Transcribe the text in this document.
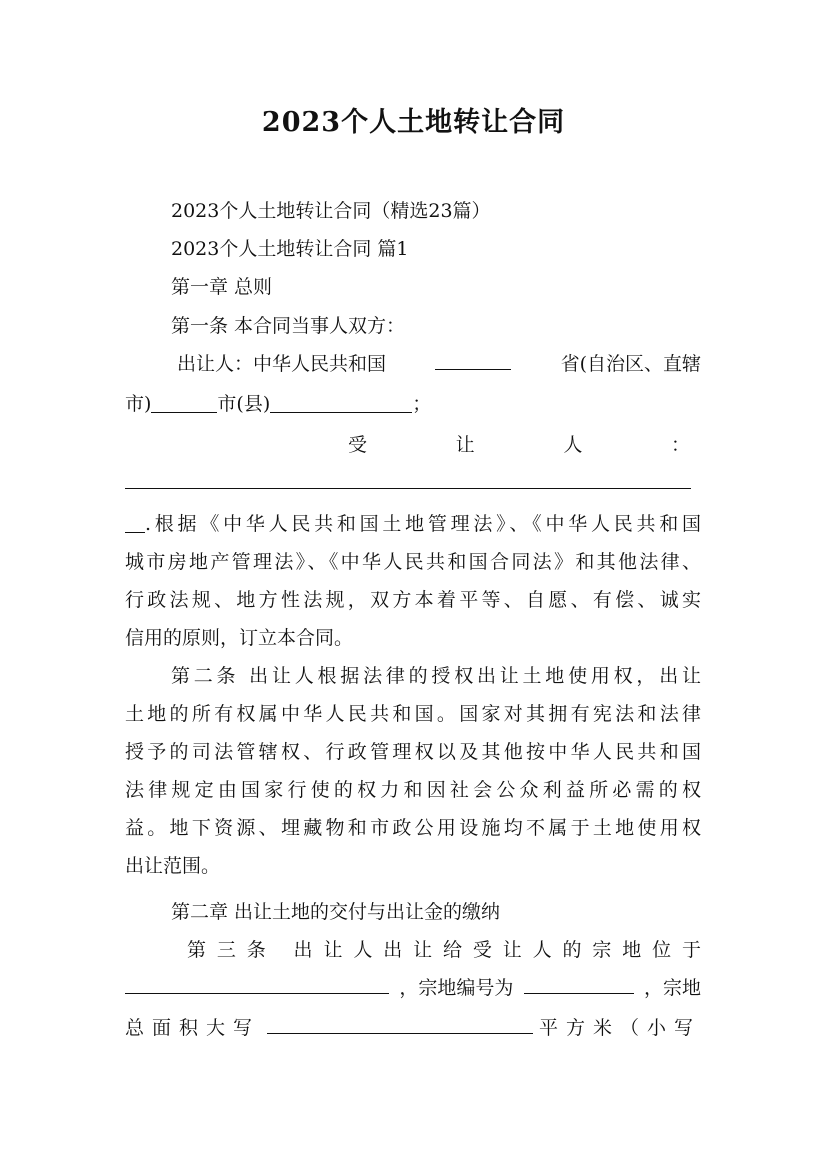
2023个人土地转让合同
2023个人土地转让合同（精选23篇）
2023个人土地转让合同 篇1
第一章 总则
第一条 本合同当事人双方：
出让人：中华人民共和国	省(自治区、直辖
市)	市(县)	；
受	让	人	：
.根据《中华人民共和国土地管理法》、《中华人民共和国
城市房地产管理法》、《中华人民共和国合同法》和其他法律、
行政法规、地方性法规，双方本着平等、自愿、有偿、诚实
信用的原则，订立本合同。
第二条 出让人根据法律的授权出让土地使用权，出让
土地的所有权属中华人民共和国。国家对其拥有宪法和法律
授予的司法管辖权、行政管理权以及其他按中华人民共和国
法律规定由国家行使的权力和因社会公众利益所必需的权
益。地下资源、埋藏物和市政公用设施均不属于土地使用权
出让范围。
第二章 出让土地的交付与出让金的缴纳
第三条 出让人出让给受让人的宗地位于
，宗地编号为	，宗地
总面积大写	平方米（小写
